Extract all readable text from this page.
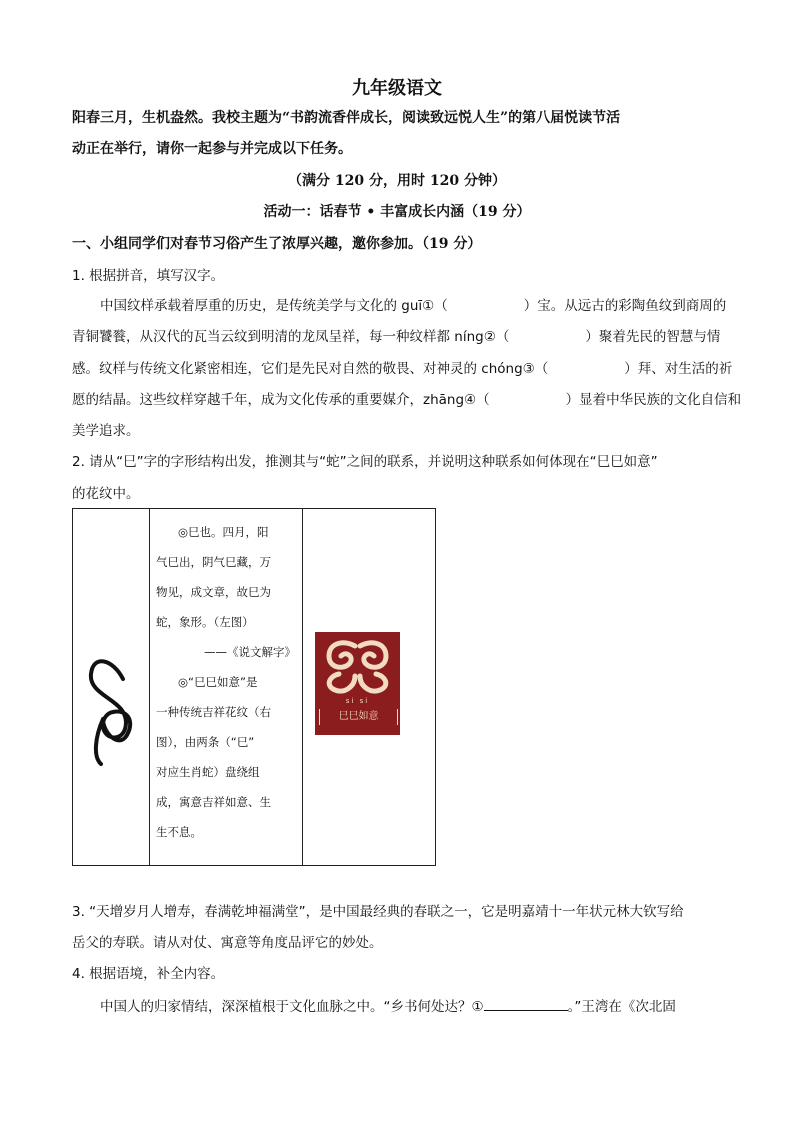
九年级语文
阳春三月，生机盎然。我校主题为“书韵流香伴成长，阅读致远悦人生”的第八届悦读节活
动正在举行，请你一起参与并完成以下任务。
（满分 120 分，用时 120 分钟）
活动一：话春节 • 丰富成长内涵（19 分）
一、小组同学们对春节习俗产生了浓厚兴趣，邀你参加。（19 分）
1. 根据拼音，填写汉字。
中国纹样承载着厚重的历史，是传统美学与文化的 guī①（	）宝。从远古的彩陶鱼纹到商周的
青铜饕餮，从汉代的瓦当云纹到明清的龙凤呈祥，每一种纹样都 níng②（	）聚着先民的智慧与情
感。纹样与传统文化紧密相连，它们是先民对自然的敬畏、对神灵的 chóng③（	）拜、对生活的祈
愿的结晶。这些纹样穿越千年，成为文化传承的重要媒介，zhāng④（	）显着中华民族的文化自信和
美学追求。
2. 请从“巳”字的字形结构出发，推测其与“蛇”之间的联系，并说明这种联系如何体现在“巳巳如意”
的花纹中。

◎巳也。四月，阳
气巳出，阴气巳藏，万
物见，成文章，故巳为
蛇，象形。（左图）
——《说文解字》
◎“巳巳如意”是
一种传统吉祥花纹（右
图），由两条（“巳”
对应生肖蛇）盘绕组
成，寓意吉祥如意、生
生不息。

si si
巳巳如意
3. “天增岁月人增寿，春满乾坤福满堂”，是中国最经典的春联之一，它是明嘉靖十一年状元林大钦写给
岳父的寿联。请从对仗、寓意等角度品评它的妙处。
4. 根据语境，补全内容。
中国人的归家情结，深深植根于文化血脉之中。“乡书何处达？①	。”王湾在《次北固
